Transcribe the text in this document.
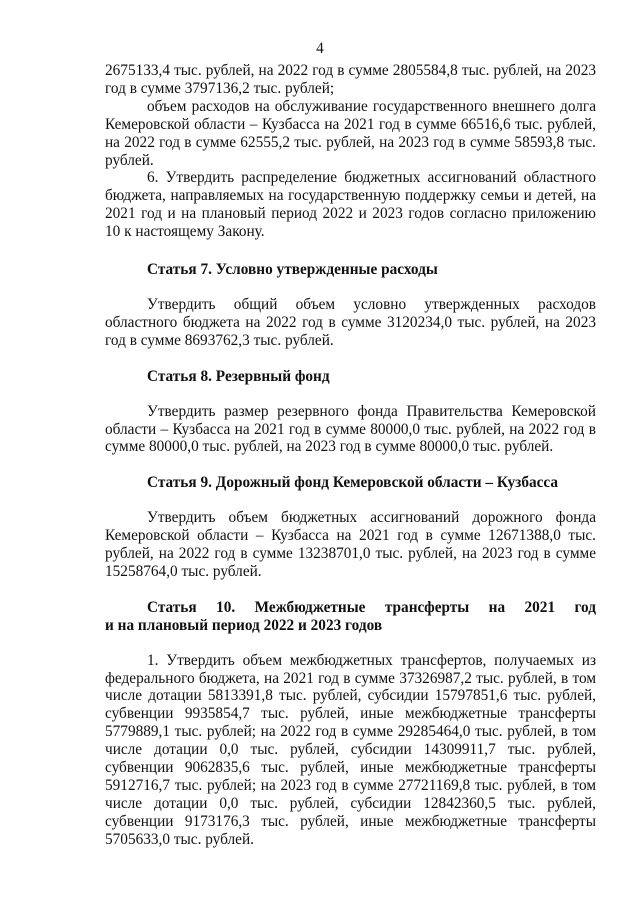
4

2675133,4 тыс. рублей, на 2022 год в сумме 2805584,8 тыс. рублей, на 2023 год в сумме 3797136,2 тыс. рублей;

объем расходов на обслуживание государственного внешнего долга Кемеровской области – Кузбасса на 2021 год в сумме 66516,6 тыс. рублей, на 2022 год в сумме 62555,2 тыс. рублей, на 2023 год в сумме 58593,8 тыс. рублей.

6. Утвердить распределение бюджетных ассигнований областного бюджета, направляемых на государственную поддержку семьи и детей, на 2021 год и на плановый период 2022 и 2023 годов согласно приложению 10 к настоящему Закону.

Статья 7. Условно утвержденные расходы

Утвердить общий объем условно утвержденных расходов областного бюджета на 2022 год в сумме 3120234,0 тыс. рублей, на 2023 год в сумме 8693762,3 тыс. рублей.

Статья 8. Резервный фонд

Утвердить размер резервного фонда Правительства Кемеровской области – Кузбасса на 2021 год в сумме 80000,0 тыс. рублей, на 2022 год в сумме 80000,0 тыс. рублей, на 2023 год в сумме 80000,0 тыс. рублей.

Статья 9. Дорожный фонд Кемеровской области – Кузбасса

Утвердить объем бюджетных ассигнований дорожного фонда Кемеровской области – Кузбасса на 2021 год в сумме 12671388,0 тыс. рублей, на 2022 год в сумме 13238701,0 тыс. рублей, на 2023 год в сумме 15258764,0 тыс. рублей.

Статья 10. Межбюджетные трансферты на 2021 год
и на плановый период 2022 и 2023 годов

1. Утвердить объем межбюджетных трансфертов, получаемых из федерального бюджета, на 2021 год в сумме 37326987,2 тыс. рублей, в том числе дотации 5813391,8 тыс. рублей, субсидии 15797851,6 тыс. рублей, субвенции 9935854,7 тыс. рублей, иные межбюджетные трансферты 5779889,1 тыс. рублей; на 2022 год в сумме 29285464,0 тыс. рублей, в том числе дотации 0,0 тыс. рублей, субсидии 14309911,7 тыс. рублей, субвенции 9062835,6 тыс. рублей, иные межбюджетные трансферты 5912716,7 тыс. рублей; на 2023 год в сумме 27721169,8 тыс. рублей, в том числе дотации 0,0 тыс. рублей, субсидии 12842360,5 тыс. рублей, субвенции 9173176,3 тыс. рублей, иные межбюджетные трансферты 5705633,0 тыс. рублей.
